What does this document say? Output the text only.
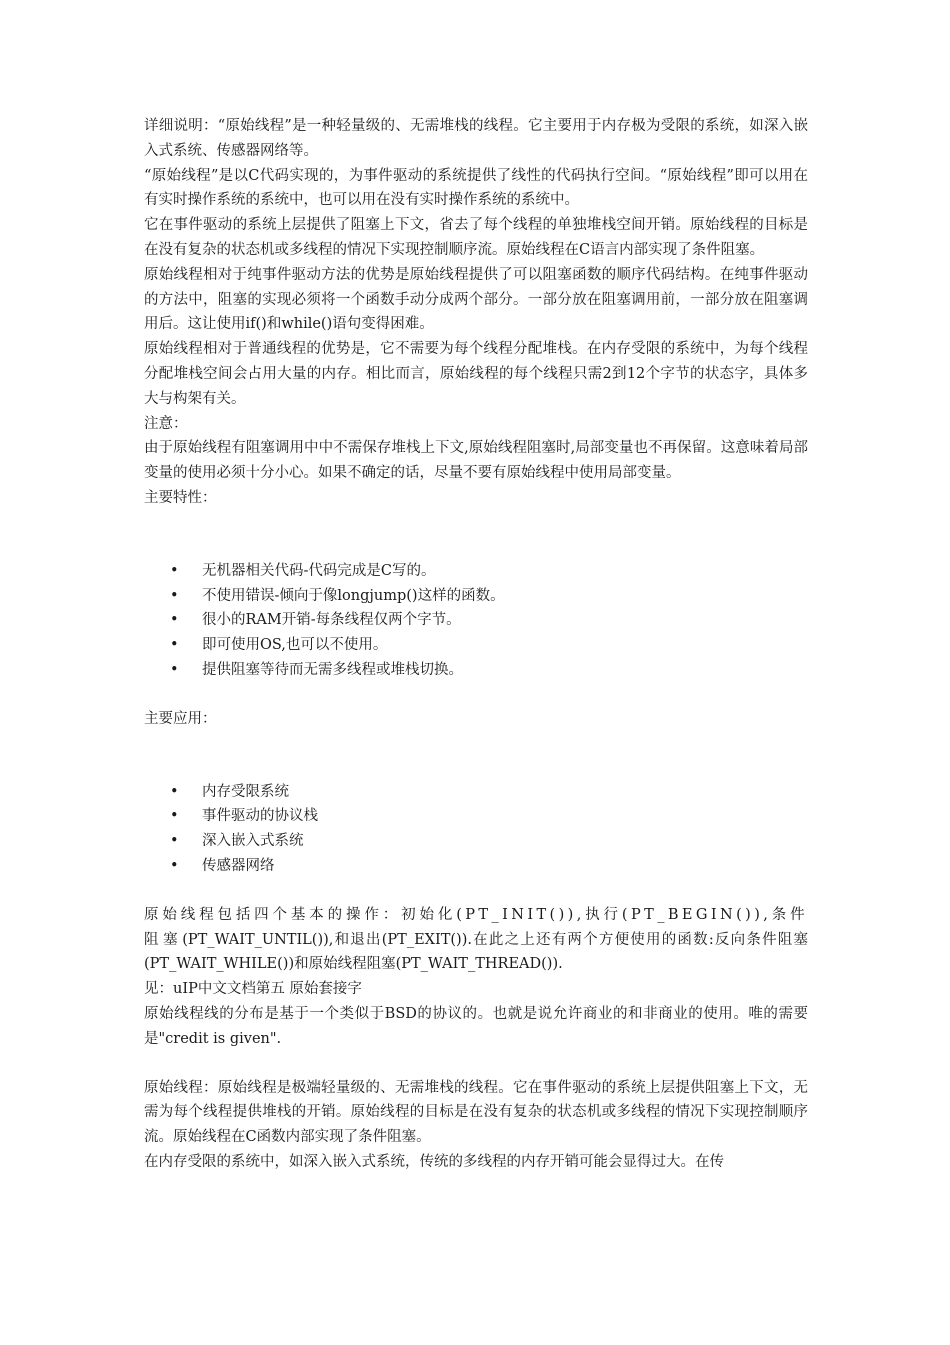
详细说明：“原始线程”是一种轻量级的、无需堆栈的线程。它主要用于内存极为受限的系统，如深入嵌入式系统、传感器网络等。

“原始线程”是以C代码实现的，为事件驱动的系统提供了线性的代码执行空间。“原始线程”即可以用在有实时操作系统的系统中，也可以用在没有实时操作系统的系统中。

它在事件驱动的系统上层提供了阻塞上下文，省去了每个线程的单独堆栈空间开销。原始线程的目标是在没有复杂的状态机或多线程的情况下实现控制顺序流。原始线程在C语言内部实现了条件阻塞。

原始线程相对于纯事件驱动方法的优势是原始线程提供了可以阻塞函数的顺序代码结构。在纯事件驱动的方法中，阻塞的实现必须将一个函数手动分成两个部分。一部分放在阻塞调用前，一部分放在阻塞调用后。这让使用if()和while()语句变得困难。

原始线程相对于普通线程的优势是，它不需要为每个线程分配堆栈。在内存受限的系统中，为每个线程分配堆栈空间会占用大量的内存。相比而言，原始线程的每个线程只需2到12个字节的状态字，具体多大与构架有关。

注意：

由于原始线程有阻塞调用中中不需保存堆栈上下文,原始线程阻塞时,局部变量也不再保留。这意味着局部变量的使用必须十分小心。如果不确定的话，尽量不要有原始线程中使用局部变量。

主要特性：

• 无机器相关代码-代码完成是C写的。
• 不使用错误-倾向于像longjump()这样的函数。
• 很小的RAM开销-每条线程仅两个字节。
• 即可使用OS,也可以不使用。
• 提供阻塞等待而无需多线程或堆栈切换。

主要应用：

• 内存受限系统
• 事件驱动的协议栈
• 深入嵌入式系统
• 传感器网络

原始线程包括四个基本的操作：初始化(PT_INIT()),执行(PT_BEGIN()),条件阻塞(PT_WAIT_UNTIL()),和退出(PT_EXIT()).在此之上还有两个方便使用的函数:反向条件阻塞(PT_WAIT_WHILE())和原始线程阻塞(PT_WAIT_THREAD()).

见：uIP中文文档第五 原始套接字

原始线程线的分布是基于一个类似于BSD的协议的。也就是说允许商业的和非商业的使用。唯的需要是"credit is given".

原始线程：原始线程是极端轻量级的、无需堆栈的线程。它在事件驱动的系统上层提供阻塞上下文，无需为每个线程提供堆栈的开销。原始线程的目标是在没有复杂的状态机或多线程的情况下实现控制顺序流。原始线程在C函数内部实现了条件阻塞。

在内存受限的系统中，如深入嵌入式系统，传统的多线程的内存开销可能会显得过大。在传
